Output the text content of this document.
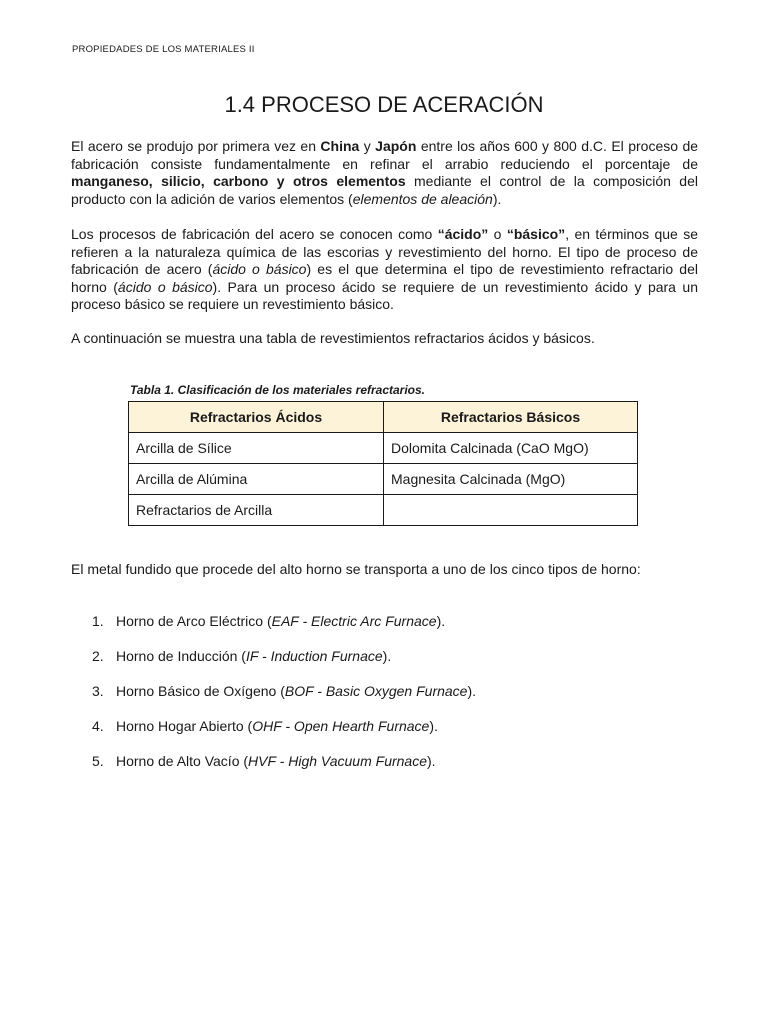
PROPIEDADES DE LOS MATERIALES II
1.4 PROCESO DE ACERACIÓN

El acero se produjo por primera vez en China y Japón entre los años 600 y 800 d.C. El proceso de fabricación consiste fundamentalmente en refinar el arrabio reduciendo el porcentaje de manganeso, silicio, carbono y otros elementos mediante el control de la composición del producto con la adición de varios elementos (elementos de aleación).

Los procesos de fabricación del acero se conocen como “ácido” o “básico”, en términos que se refieren a la naturaleza química de las escorias y revestimiento del horno. El tipo de proceso de fabricación de acero (ácido o básico) es el que determina el tipo de revestimiento refractario del horno (ácido o básico). Para un proceso ácido se requiere de un revestimiento ácido y para un proceso básico se requiere un revestimiento básico.

A continuación se muestra una tabla de revestimientos refractarios ácidos y básicos.

Tabla 1. Clasificación de los materiales refractarios.
Refractarios Ácidos	Refractarios Básicos
Arcilla de Sílice	Dolomita Calcinada (CaO MgO)
Arcilla de Alúmina	Magnesita Calcinada (MgO)
Refractarios de Arcilla	

El metal fundido que procede del alto horno se transporta a uno de los cinco tipos de horno:

1. Horno de Arco Eléctrico (EAF - Electric Arc Furnace).
2. Horno de Inducción (IF - Induction Furnace).
3. Horno Básico de Oxígeno (BOF - Basic Oxygen Furnace).
4. Horno Hogar Abierto (OHF - Open Hearth Furnace).
5. Horno de Alto Vacío (HVF - High Vacuum Furnace).
